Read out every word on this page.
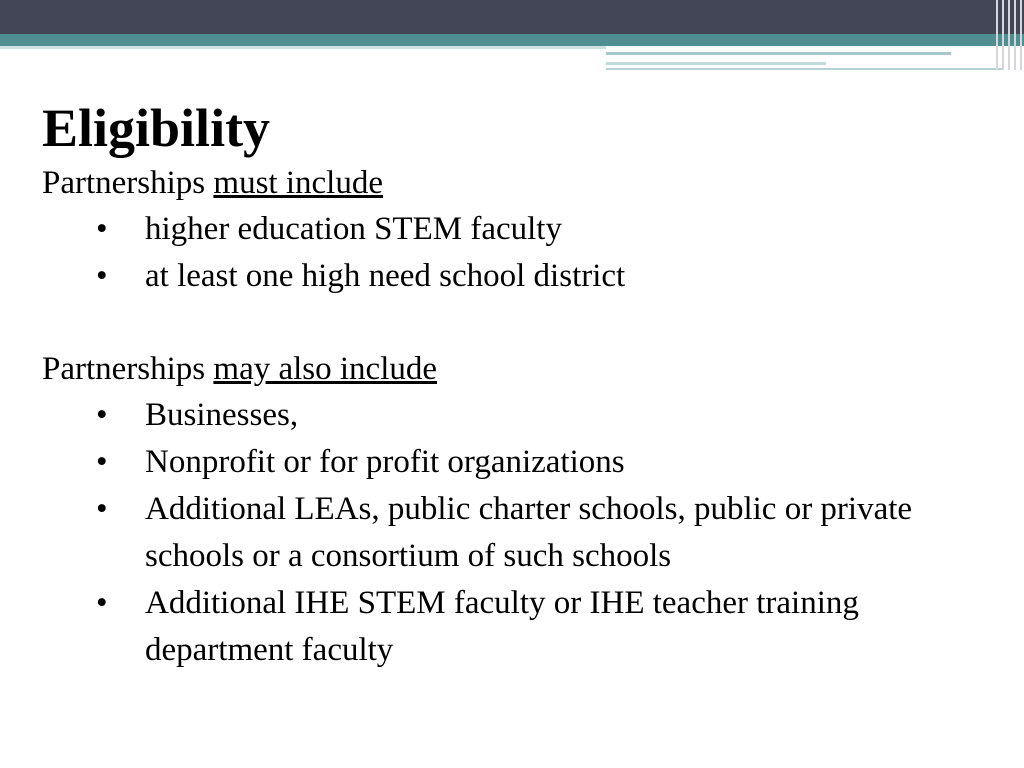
Eligibility

Partnerships must include

• higher education STEM faculty
• at least one high need school district

Partnerships may also include

• Businesses,
• Nonprofit or for profit organizations
• Additional LEAs, public charter schools, public or private schools or a consortium of such schools
• Additional IHE STEM faculty or IHE teacher training department faculty
